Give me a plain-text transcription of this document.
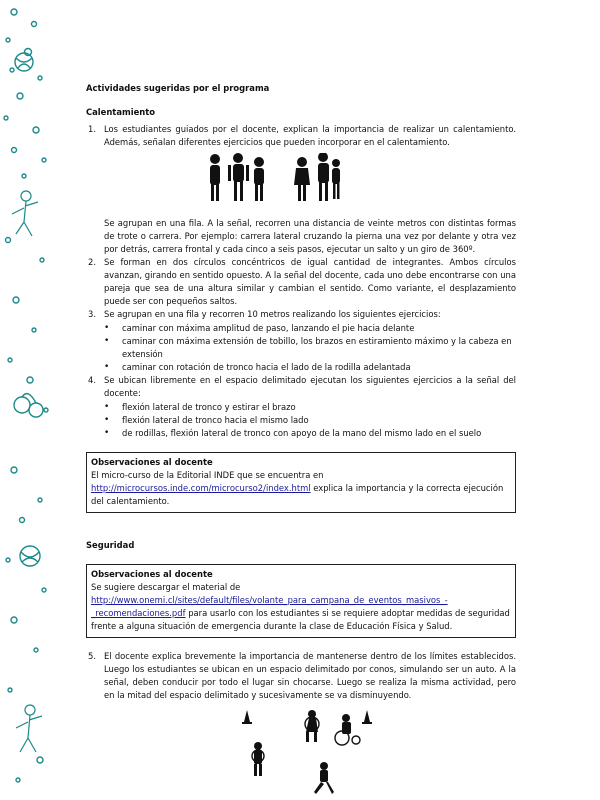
Actividades sugeridas por el programa
Calentamiento
1. Los estudiantes guiados por el docente, explican la importancia de realizar un calentamiento. Además, señalan diferentes ejercicios que pueden incorporar en el calentamiento.

Se agrupan en una fila. A la señal, recorren una distancia de veinte metros con distintas formas de trote o carrera. Por ejemplo: carrera lateral cruzando la pierna una vez por delante y otra vez por detrás, carrera frontal y cada cinco a seis pasos, ejecutar un salto y un giro de 360º.

2. Se forman en dos círculos concéntricos de igual cantidad de integrantes. Ambos círculos avanzan, girando en sentido opuesto. A la señal del docente, cada uno debe encontrarse con una pareja que sea de una altura similar y cambian el sentido. Como variante, el desplazamiento puede ser con pequeños saltos.

3. Se agrupan en una fila y recorren 10 metros realizando los siguientes ejercicios:

• caminar con máxima amplitud de paso, lanzando el pie hacia delante
• caminar con máxima extensión de tobillo, los brazos en estiramiento máximo y la cabeza en extensión
• caminar con rotación de tronco hacia el lado de la rodilla adelantada
4. Se ubican libremente en el espacio delimitado ejecutan los siguientes ejercicios a la señal del docente:

• flexión lateral de tronco y estirar el brazo
• flexión lateral de tronco hacia el mismo lado
• de rodillas, flexión lateral de tronco con apoyo de la mano del mismo lado en el suelo
Observaciones al docente
El micro-curso de la Editorial INDE que se encuentra en
http://microcursos.inde.com/microcurso2/index.html explica la importancia y la correcta ejecución del calentamiento.
Seguridad
Observaciones al docente
Se sugiere descargar el material de
http://www.onemi.cl/sites/default/files/volante_para_campana_de_eventos_masivos_-_recomendaciones.pdf para usarlo con los estudiantes si se requiere adoptar medidas de seguridad frente a alguna situación de emergencia durante la clase de Educación Física y Salud.
5. El docente explica brevemente la importancia de mantenerse dentro de los límites establecidos. Luego los estudiantes se ubican en un espacio delimitado por conos, simulando ser un auto. A la señal, deben conducir por todo el lugar sin chocarse. Luego se realiza la misma actividad, pero en la mitad del espacio delimitado y sucesivamente se va disminuyendo.
